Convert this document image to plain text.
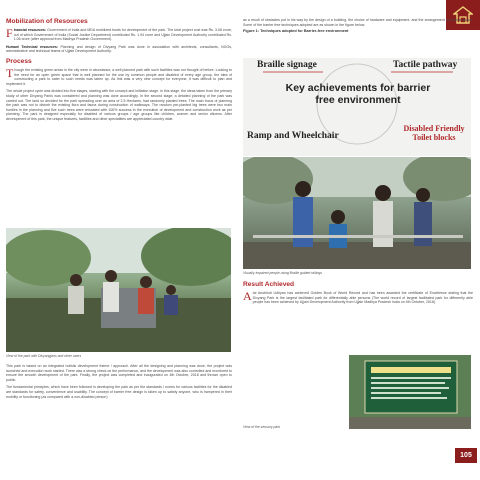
Mobilization of Resources
Financial resources: Government of India and MDA mobilized funds for development of the park. The total project cost was Rs. 3.08 crore, out of which Government of India (Social Justice Department) contributed Rs. 1.94 crore and Ujjain Development Authority contributed Rs. 1.06 crore (after approval from Madhya Pradesh Government).
Human/ Technical resources: Planning and design of Divyang Park was done in association with architects, consultants, NGOs, administrative and technical teams of Ujjain Development Authority.
Process
Though the existing green areas in the city were in abundance, a well planned park with such facilities was not thought of before. Looking to the need for an open green space that is well planned for the use by common people and disabled of every age group, the idea of constructing a park to cater to such needs was taken up. As this was a very new concept for everyone, it was difficult to plan and implement it.
The whole project cycle was divided into five stages, starting with the concept and initiation stage. In this stage, the ideas taken from the primary study of other Divyang Parks was considered and planning was done accordingly. In the second stage, a detailed planning of the park was carried out. The land so decided for the park spreading over an area of 2.5 Hectares, had randomly planted trees. The main focus of planning the park was not to disturb the existing flora and fauna during construction of walkways. The random pre-planted big trees were two main hurdles in the planning and five such trees were relocated with 100% success in the execution of development and construction work as per planning. The park is designed especially for disabled of various groups / age groups like children, women and senior citizens. After development of this park, the unique features, facilities and other specialities are appreciated country wide.
View of the park with Divyangjans and other users
This park is based on an integrated holistic development theme / approach. After all the designing and planning was done, the project was launched and execution work started. There was a strong check on the performance, and the development was also controlled and monitored to ensure the smooth development of the park. Finally, the project was completed and inaugurated on 4th October, 2018 and thrown open to public.
The fundamental principles, which have been followed in developing the park as per the standards / norms for various facilities for the disabled are standards for safety, convenience and usability. The concept of barrier free design is taken up to satisfy anyone, who is hampered in their mobility or functioning (as compared with a non-disabled person)
as a result of obstacles put in his way by the design of a building, the choice of hardware and equipment, and the arrangement of outside space. Some of the barrier free techniques adopted are as shown in the figure below.
Figure 1: Techniques adopted for Barrier-free environment
Braille signage	Tactile pathway
Key achievements for barrier
free environment
Ramp and Wheelchair
Disabled Friendly
Toilet blocks
Visually impaired people using Braille guided railings
Result Achieved
Atal Anubhuti Udhyan has achieved Golden Book of World Record and has been awarded the certificate of Excellence stating that the Divyang Park is the largest facilitated park for differentially able persons (The world record of largest facilitated park for differently able people has been achieved by Ujjain Development Authority from Ujjain Madhya Pradesh India on 4th October, 2018).
View of the sensory park
105
